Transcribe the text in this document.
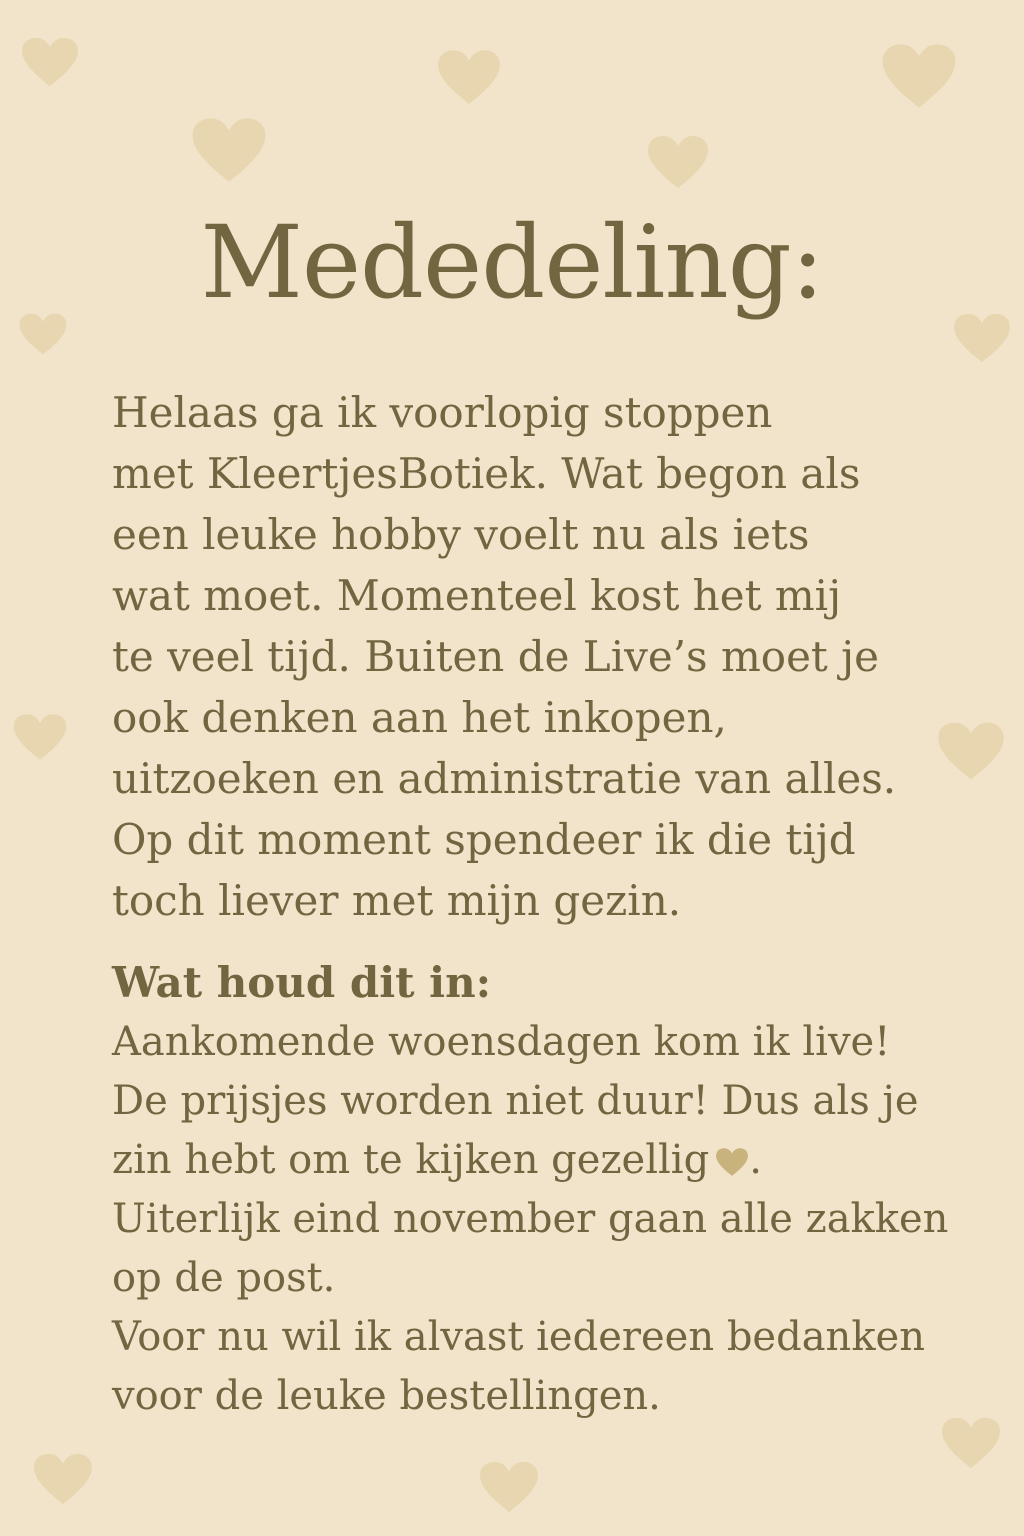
Mededeling:

Helaas ga ik voorlopig stoppen
met KleertjesBotiek. Wat begon als
een leuke hobby voelt nu als iets
wat moet. Momenteel kost het mij
te veel tijd. Buiten de Live’s moet je
ook denken aan het inkopen,
uitzoeken en administratie van alles.
Op dit moment spendeer ik die tijd
toch liever met mijn gezin.

Wat houd dit in:

Aankomende woensdagen kom ik live!
De prijsjes worden niet duur! Dus als je
zin hebt om te kijken gezellig .
Uiterlijk eind november gaan alle zakken
op de post.
Voor nu wil ik alvast iedereen bedanken
voor de leuke bestellingen.
